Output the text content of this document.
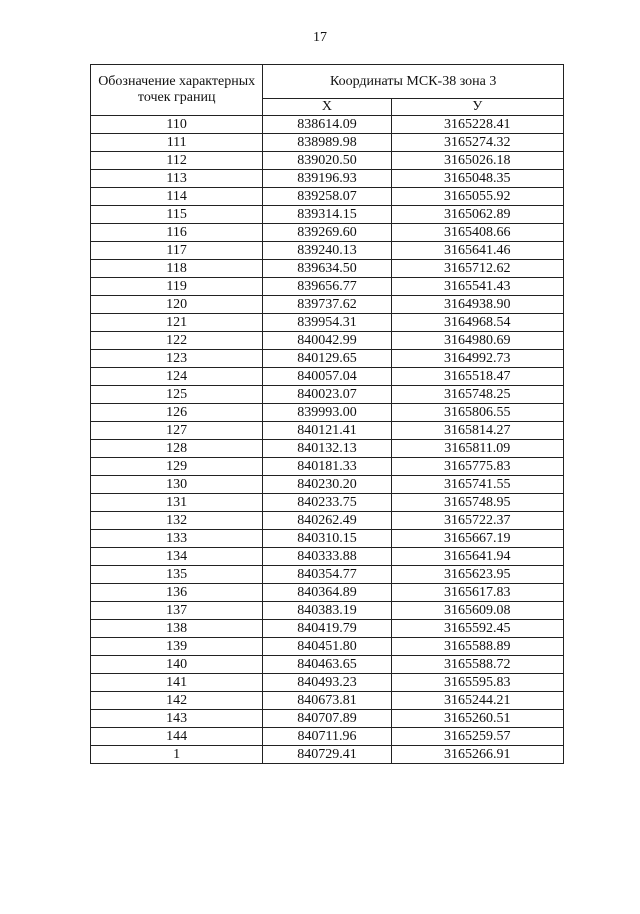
17
Обозначение характерных точек границ	Координаты МСК-38 зона 3	
	Х	У
110	838614.09	3165228.41
111	838989.98	3165274.32
112	839020.50	3165026.18
113	839196.93	3165048.35
114	839258.07	3165055.92
115	839314.15	3165062.89
116	839269.60	3165408.66
117	839240.13	3165641.46
118	839634.50	3165712.62
119	839656.77	3165541.43
120	839737.62	3164938.90
121	839954.31	3164968.54
122	840042.99	3164980.69
123	840129.65	3164992.73
124	840057.04	3165518.47
125	840023.07	3165748.25
126	839993.00	3165806.55
127	840121.41	3165814.27
128	840132.13	3165811.09
129	840181.33	3165775.83
130	840230.20	3165741.55
131	840233.75	3165748.95
132	840262.49	3165722.37
133	840310.15	3165667.19
134	840333.88	3165641.94
135	840354.77	3165623.95
136	840364.89	3165617.83
137	840383.19	3165609.08
138	840419.79	3165592.45
139	840451.80	3165588.89
140	840463.65	3165588.72
141	840493.23	3165595.83
142	840673.81	3165244.21
143	840707.89	3165260.51
144	840711.96	3165259.57
1	840729.41	3165266.91
